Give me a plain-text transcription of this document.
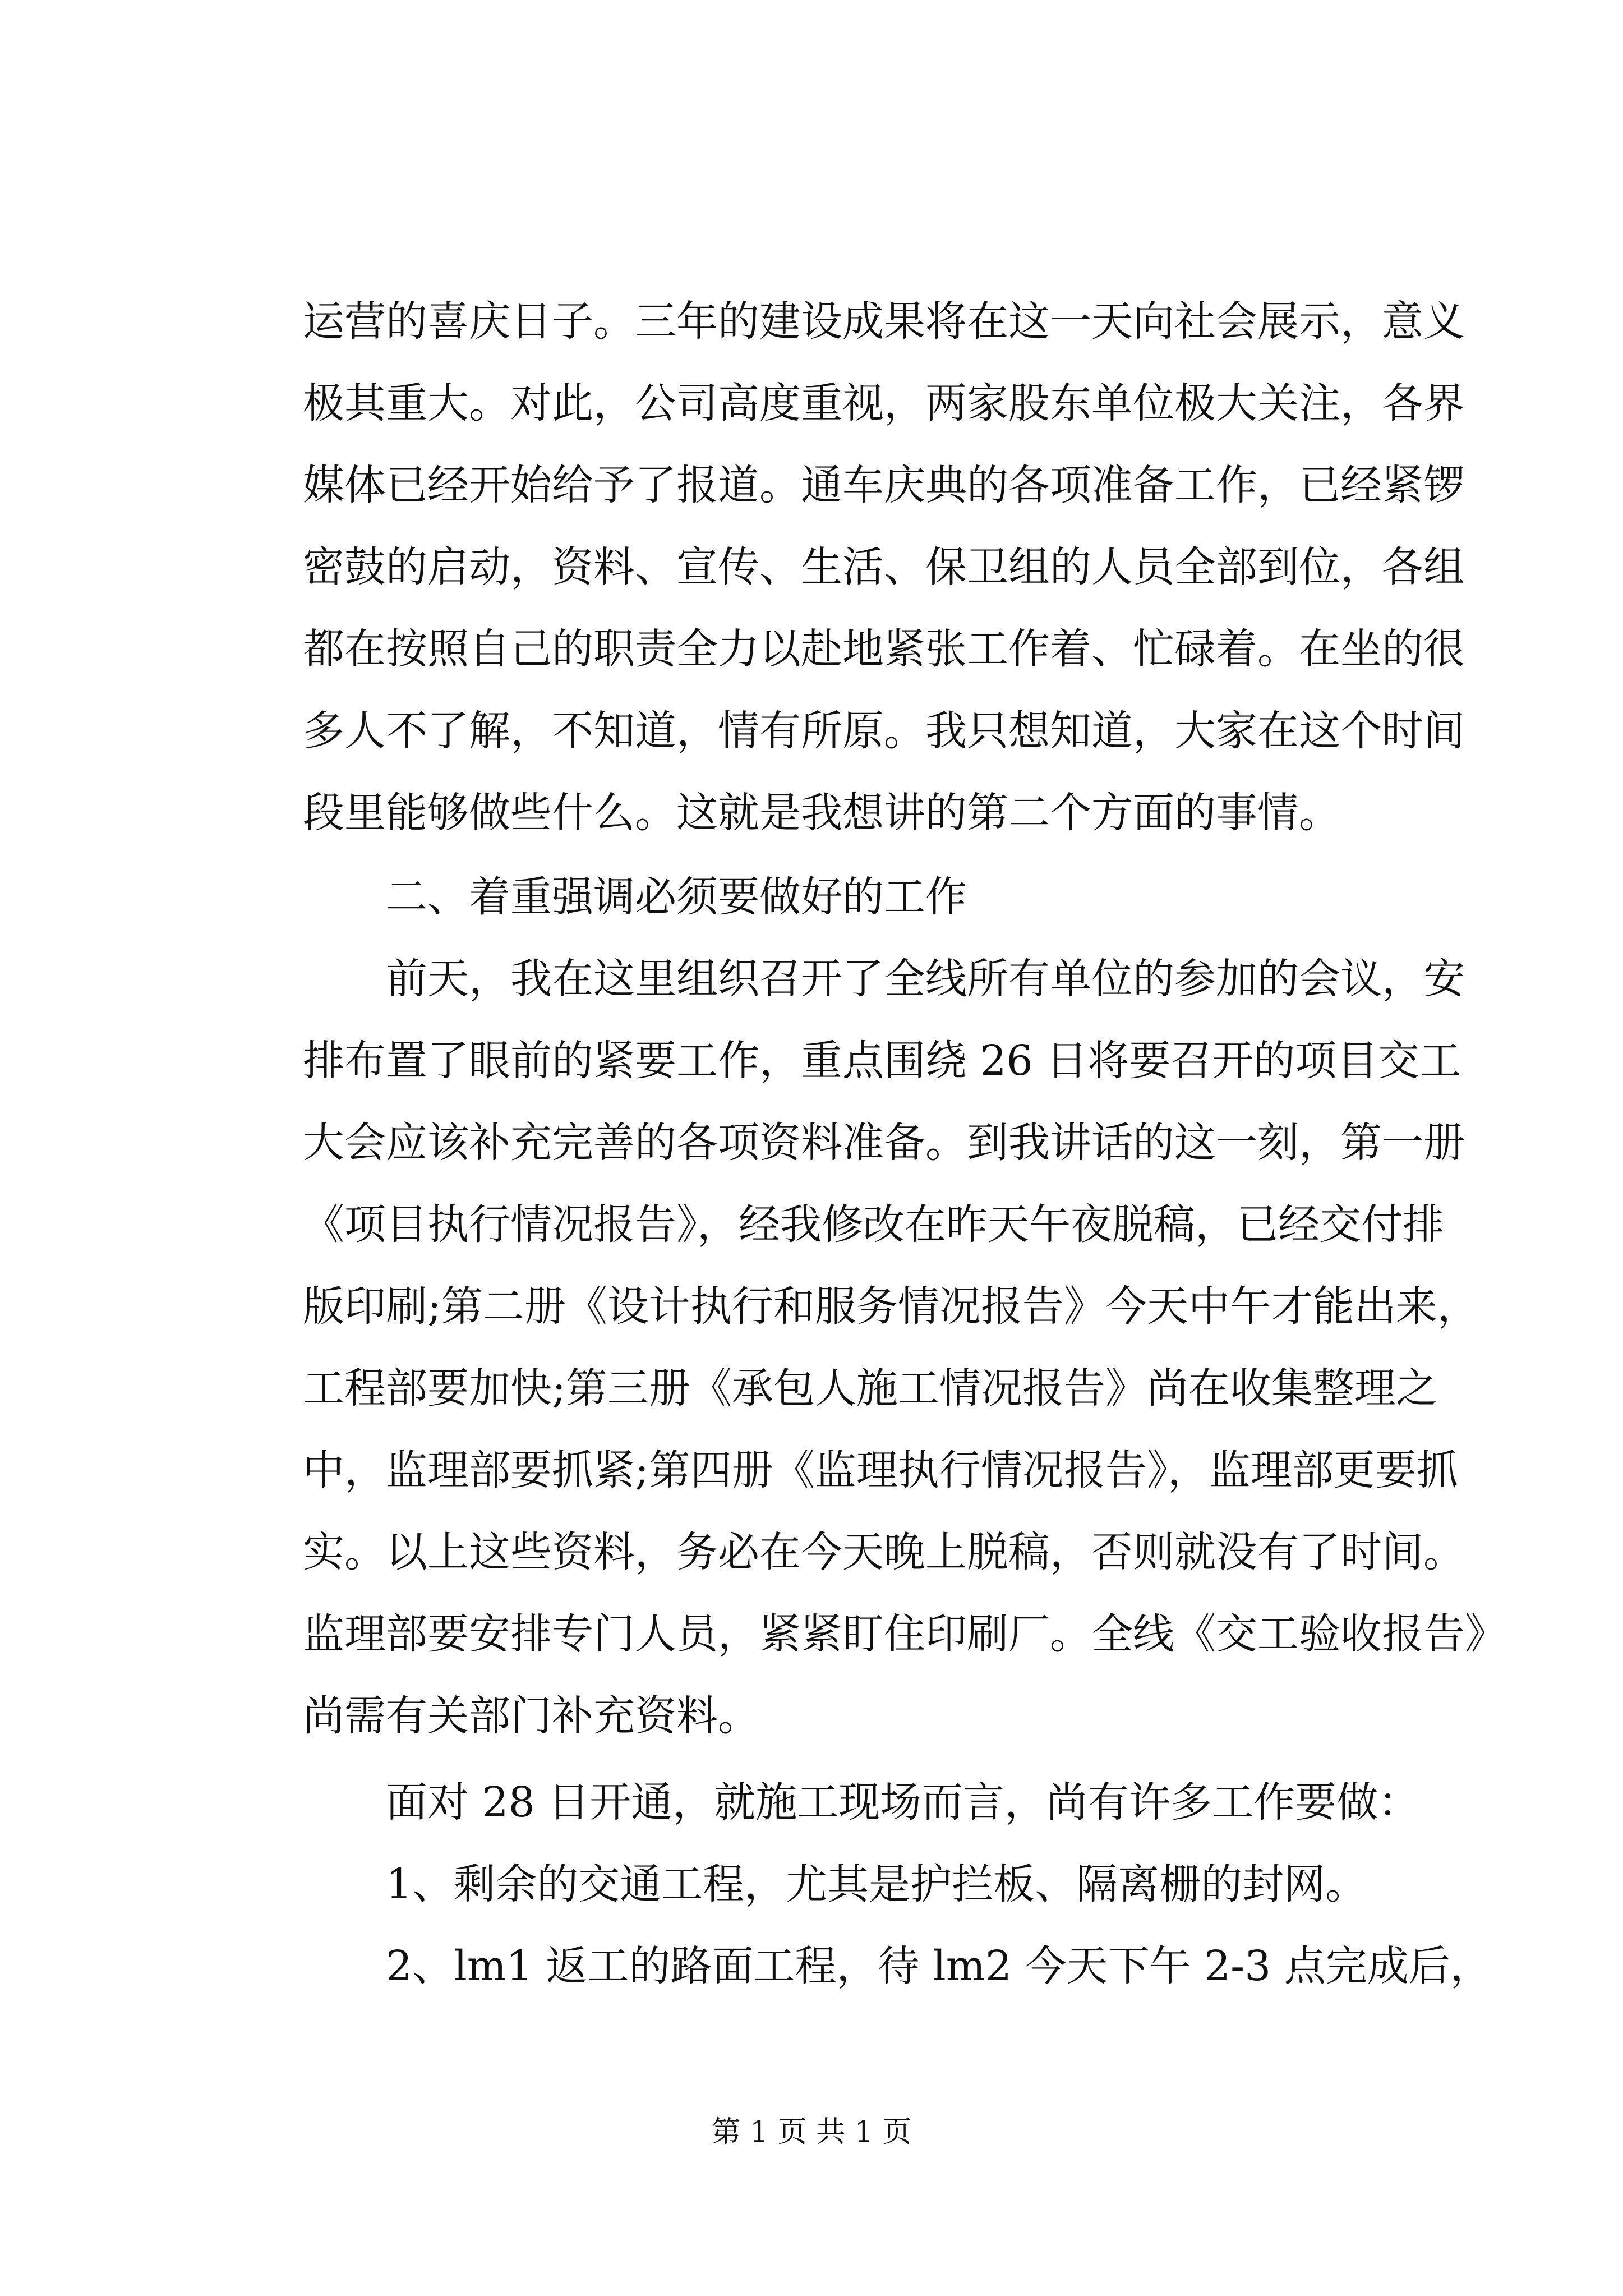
运营的喜庆日子。三年的建设成果将在这一天向社会展示，意义
极其重大。对此，公司高度重视，两家股东单位极大关注，各界
媒体已经开始给予了报道。通车庆典的各项准备工作，已经紧锣
密鼓的启动，资料、宣传、生活、保卫组的人员全部到位，各组
都在按照自己的职责全力以赴地紧张工作着、忙碌着。在坐的很
多人不了解，不知道，情有所原。我只想知道，大家在这个时间
段里能够做些什么。这就是我想讲的第二个方面的事情。
二、着重强调必须要做好的工作
前天，我在这里组织召开了全线所有单位的参加的会议，安
排布置了眼前的紧要工作，重点围绕 26 日将要召开的项目交工
大会应该补充完善的各项资料准备。到我讲话的这一刻，第一册
《项目执行情况报告》，经我修改在昨天午夜脱稿，已经交付排
版印刷;第二册《设计执行和服务情况报告》今天中午才能出来，
工程部要加快;第三册《承包人施工情况报告》尚在收集整理之
中，监理部要抓紧;第四册《监理执行情况报告》，监理部更要抓
实。以上这些资料，务必在今天晚上脱稿，否则就没有了时间。
监理部要安排专门人员，紧紧盯住印刷厂。全线《交工验收报告》
尚需有关部门补充资料。
面对 28 日开通，就施工现场而言，尚有许多工作要做：
1、剩余的交通工程，尤其是护拦板、隔离栅的封网。
2、lm1 返工的路面工程，待 lm2 今天下午 2-3 点完成后，
第 1 页 共 1 页
